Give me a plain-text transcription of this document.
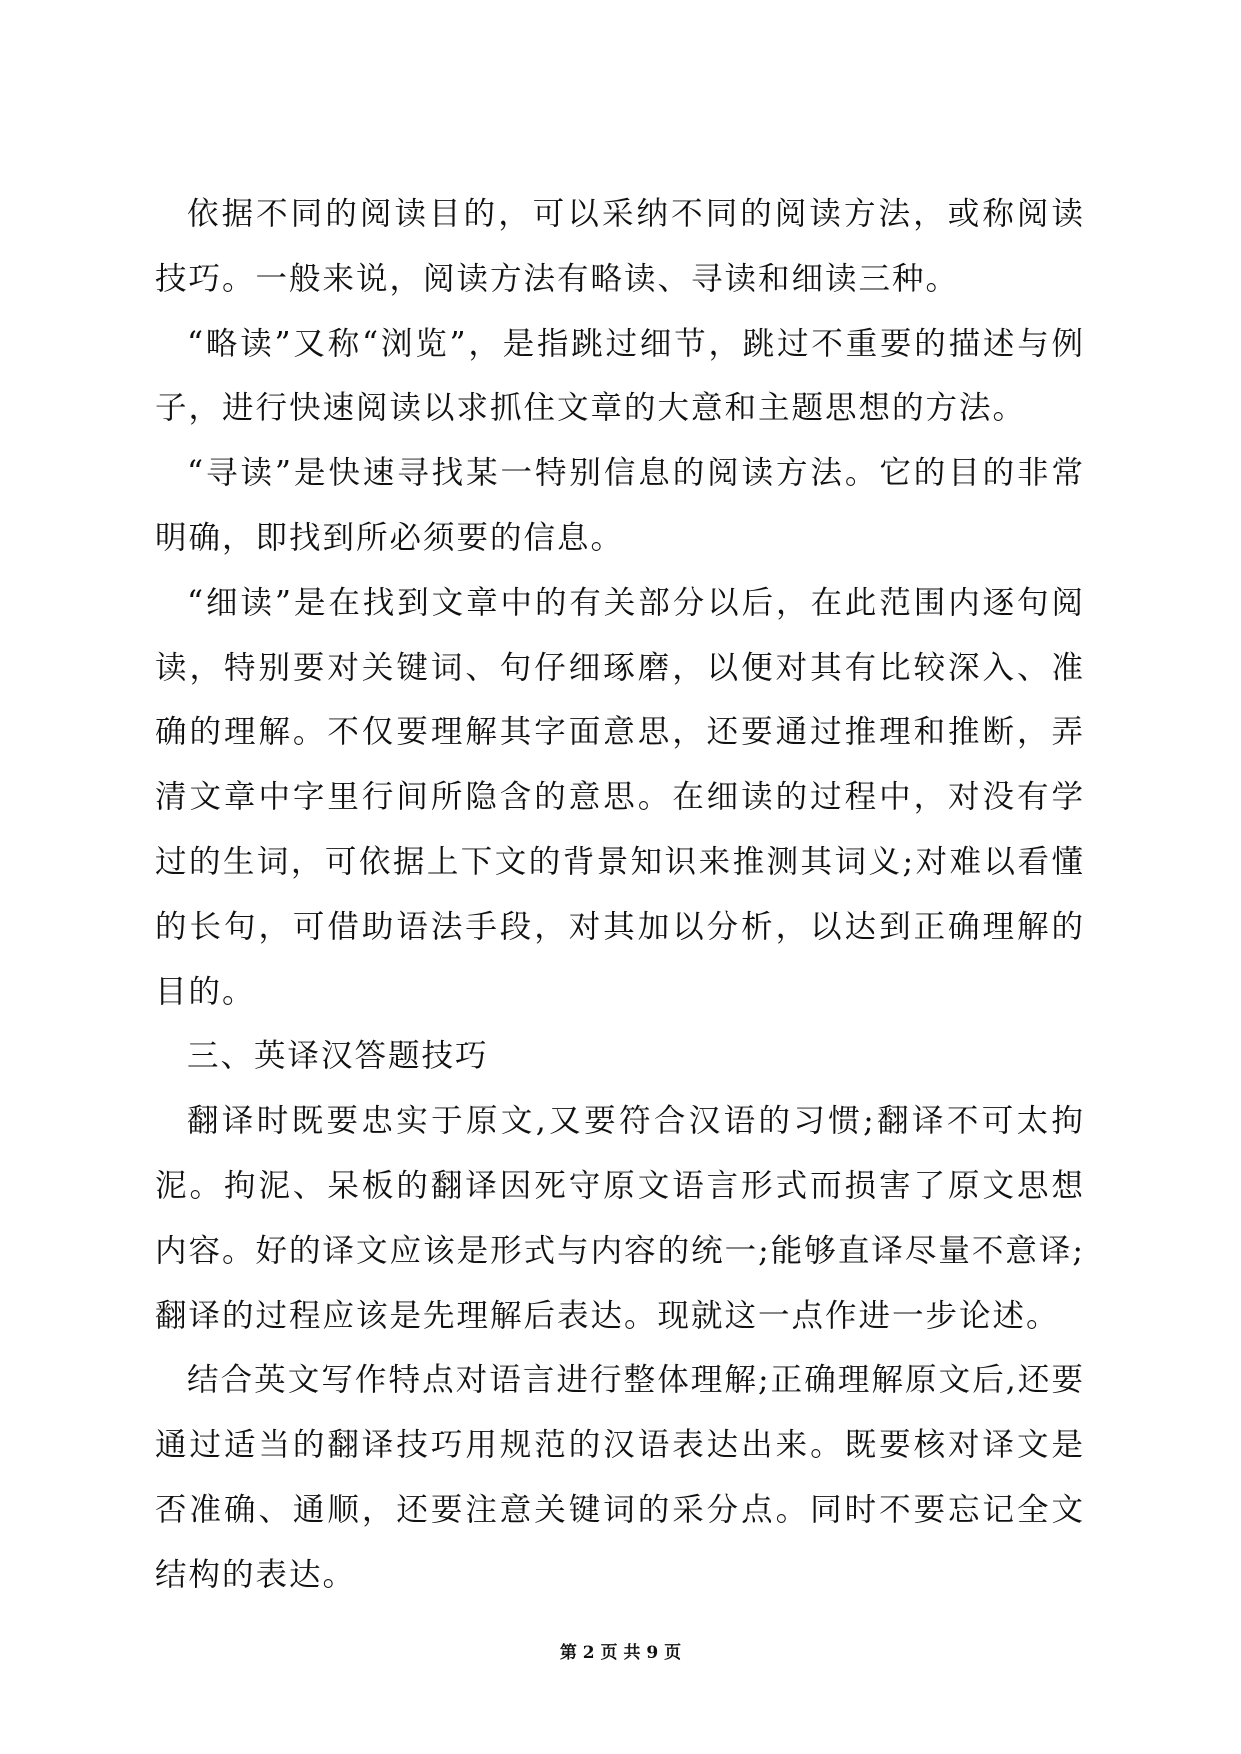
依据不同的阅读目的，可以采纳不同的阅读方法，或称阅读技巧。一般来说，阅读方法有略读、寻读和细读三种。

“略读”又称“浏览”，是指跳过细节，跳过不重要的描述与例子，进行快速阅读以求抓住文章的大意和主题思想的方法。

“寻读”是快速寻找某一特别信息的阅读方法。它的目的非常明确，即找到所必须要的信息。

“细读”是在找到文章中的有关部分以后，在此范围内逐句阅读，特别要对关键词、句仔细琢磨，以便对其有比较深入、准确的理解。不仅要理解其字面意思，还要通过推理和推断，弄清文章中字里行间所隐含的意思。在细读的过程中，对没有学过的生词，可依据上下文的背景知识来推测其词义;对难以看懂的长句，可借助语法手段，对其加以分析，以达到正确理解的目的。

三、英译汉答题技巧

翻译时既要忠实于原文,又要符合汉语的习惯;翻译不可太拘泥。拘泥、呆板的翻译因死守原文语言形式而损害了原文思想内容。好的译文应该是形式与内容的统一;能够直译尽量不意译;翻译的过程应该是先理解后表达。现就这一点作进一步论述。

结合英文写作特点对语言进行整体理解;正确理解原文后,还要通过适当的翻译技巧用规范的汉语表达出来。既要核对译文是否准确、通顺，还要注意关键词的采分点。同时不要忘记全文结构的表达。

第 2 页 共 9 页
